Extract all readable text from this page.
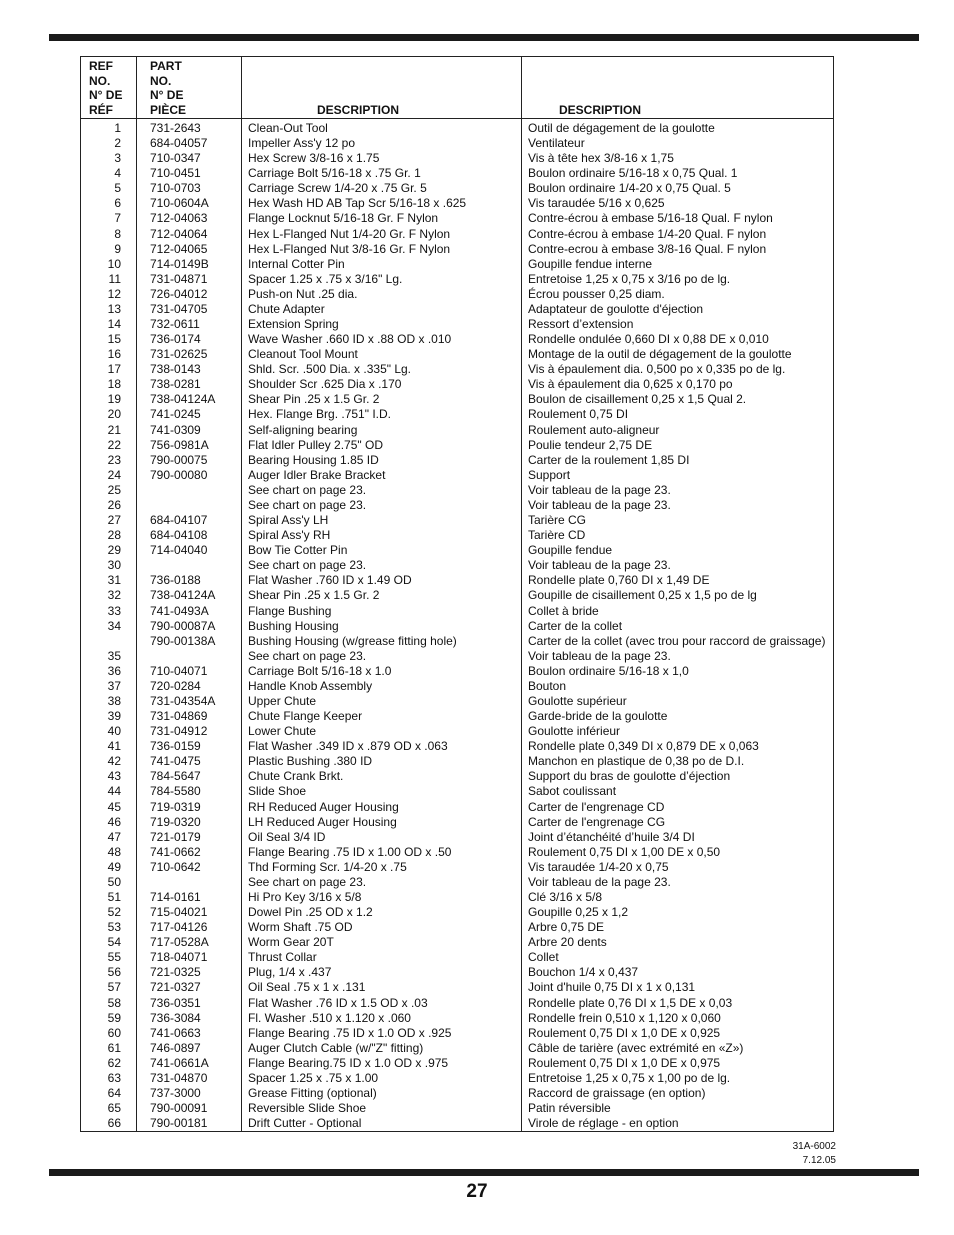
REF
NO.
N° DE
RÉF
PART
NO.
N° DE
PIÈCE	DESCRIPTION	DESCRIPTION
1 731-2643	Clean-Out Tool	Outil de dégagement de la goulotte
2 684-04057	Impeller Ass'y 12 po	Ventilateur
3 710-0347	Hex Screw 3/8-16 x 1.75	Vis à tête hex 3/8-16 x 1,75
4 710-0451	Carriage Bolt 5/16-18 x .75 Gr. 1	Boulon ordinaire 5/16-18 x 0,75 Qual. 1
5 710-0703	Carriage Screw 1/4-20 x .75 Gr. 5	Boulon ordinaire 1/4-20 x 0,75 Qual. 5
6 710-0604A	Hex Wash HD AB Tap Scr 5/16-18 x .625	Vis taraudée 5/16 x 0,625
7 712-04063	Flange Locknut 5/16-18 Gr. F Nylon	Contre-écrou à embase 5/16-18 Qual. F nylon
8 712-04064	Hex L-Flanged Nut 1/4-20 Gr. F Nylon	Contre-écrou à embase 1/4-20 Qual. F nylon
9 712-04065	Hex L-Flanged Nut 3/8-16 Gr. F Nylon	Contre-ecrou à embase 3/8-16 Qual. F nylon
10 714-0149B	Internal Cotter Pin	Goupille fendue interne
11 731-04871	Spacer 1.25 x .75 x 3/16" Lg.	Entretoise 1,25 x 0,75 x 3/16 po de lg.
12 726-04012	Push-on Nut .25 dia.	Écrou pousser 0,25 diam.
13 731-04705	Chute Adapter	Adaptateur de goulotte d'éjection
14 732-0611	Extension Spring	Ressort d’extension
15 736-0174	Wave Washer .660 ID x .88 OD x .010	Rondelle ondulée 0,660 DI x 0,88 DE x 0,010
16 731-02625	Cleanout Tool Mount	Montage de la outil de dégagement de la goulotte
17 738-0143	Shld. Scr. .500 Dia. x .335" Lg.	Vis à épaulement dia. 0,500 po x 0,335 po de lg.
18 738-0281	Shoulder Scr .625 Dia x .170	Vis à épaulement dia 0,625 x 0,170 po
19 738-04124A	Shear Pin .25 x 1.5 Gr. 2	Boulon de cisaillement 0,25 x 1,5 Qual 2.
20 741-0245	Hex. Flange Brg. .751" I.D.	Roulement 0,75 DI
21 741-0309	Self-aligning bearing	Roulement auto-aligneur
22 756-0981A	Flat Idler Pulley 2.75" OD	Poulie tendeur 2,75 DE
23 790-00075	Bearing Housing 1.85 ID	Carter de la roulement 1,85 DI
24 790-00080	Auger Idler Brake Bracket	Support
25	See chart on page 23.	Voir tableau de la page 23.
26	See chart on page 23.	Voir tableau de la page 23.
27 684-04107	Spiral Ass'y LH	Tarière CG
28 684-04108	Spiral Ass'y RH	Tarière CD
29 714-04040	Bow Tie Cotter Pin	Goupille fendue
30	See chart on page 23.	Voir tableau de la page 23.
31 736-0188	Flat Washer .760 ID x 1.49 OD	Rondelle plate 0,760 DI x 1,49 DE
32 738-04124A	Shear Pin .25 x 1.5 Gr. 2	Goupille de cisaillement 0,25 x 1,5 po de lg
33 741-0493A	Flange Bushing	Collet à bride
34 790-00087A	Bushing Housing	Carter de la collet
790-00138A	Bushing Housing (w/grease fitting hole)	Carter de la collet (avec trou pour raccord de graissage)
35	See chart on page 23.	Voir tableau de la page 23.
36 710-04071	Carriage Bolt 5/16-18 x 1.0	Boulon ordinaire 5/16-18 x 1,0
37 720-0284	Handle Knob Assembly	Bouton
38 731-04354A	Upper Chute	Goulotte supérieur
39 731-04869	Chute Flange Keeper	Garde-bride de la goulotte
40 731-04912	Lower Chute	Goulotte inférieur
41 736-0159	Flat Washer .349 ID x .879 OD x .063	Rondelle plate 0,349 DI x 0,879 DE x 0,063
42 741-0475	Plastic Bushing .380 ID	Manchon en plastique de 0,38 po de D.I.
43 784-5647	Chute Crank Brkt.	Support du bras de goulotte d’éjection
44 784-5580	Slide Shoe	Sabot coulissant
45 719-0319	RH Reduced Auger Housing	Carter de l'engrenage CD
46 719-0320	LH Reduced Auger Housing	Carter de l'engrenage CG
47 721-0179	Oil Seal 3/4 ID	Joint d’étanchéité d’huile 3/4 DI
48 741-0662	Flange Bearing .75 ID x 1.00 OD x .50	Roulement 0,75 DI x 1,00 DE x 0,50
49 710-0642	Thd Forming Scr. 1/4-20 x .75	Vis taraudée 1/4-20 x 0,75
50	See chart on page 23.	Voir tableau de la page 23.
51 714-0161	Hi Pro Key 3/16 x 5/8	Clé 3/16 x 5/8
52 715-04021	Dowel Pin .25 OD x 1.2	Goupille 0,25 x 1,2
53 717-04126	Worm Shaft .75 OD	Arbre 0,75 DE
54 717-0528A	Worm Gear 20T	Arbre 20 dents
55 718-04071	Thrust Collar	Collet
56 721-0325	Plug, 1/4 x .437	Bouchon 1/4 x 0,437
57 721-0327	Oil Seal .75 x 1 x .131	Joint d'huile 0,75 DI x 1 x 0,131
58 736-0351	Flat Washer .76 ID x 1.5 OD x .03	Rondelle plate 0,76 DI x 1,5 DE x 0,03
59 736-3084	Fl. Washer .510 x 1.120 x .060	Rondelle frein 0,510 x 1,120 x 0,060
60 741-0663	Flange Bearing .75 ID x 1.0 OD x .925	Roulement 0,75 DI x 1,0 DE x 0,925
61 746-0897	Auger Clutch Cable (w/"Z" fitting)	Câble de tarière (avec extrémité en «Z»)
62 741-0661A	Flange Bearing.75 ID x 1.0 OD x .975	Roulement 0,75 DI x 1,0 DE x 0,975
63 731-04870	Spacer 1.25 x .75 x 1.00	Entretoise 1,25 x 0,75 x 1,00 po de lg.
64 737-3000	Grease Fitting (optional)	Raccord de graissage (en option)
65 790-00091	Reversible Slide Shoe	Patin réversible
66 790-00181	Drift Cutter - Optional	Virole de réglage - en option
31A-6002
7.12.05
27
